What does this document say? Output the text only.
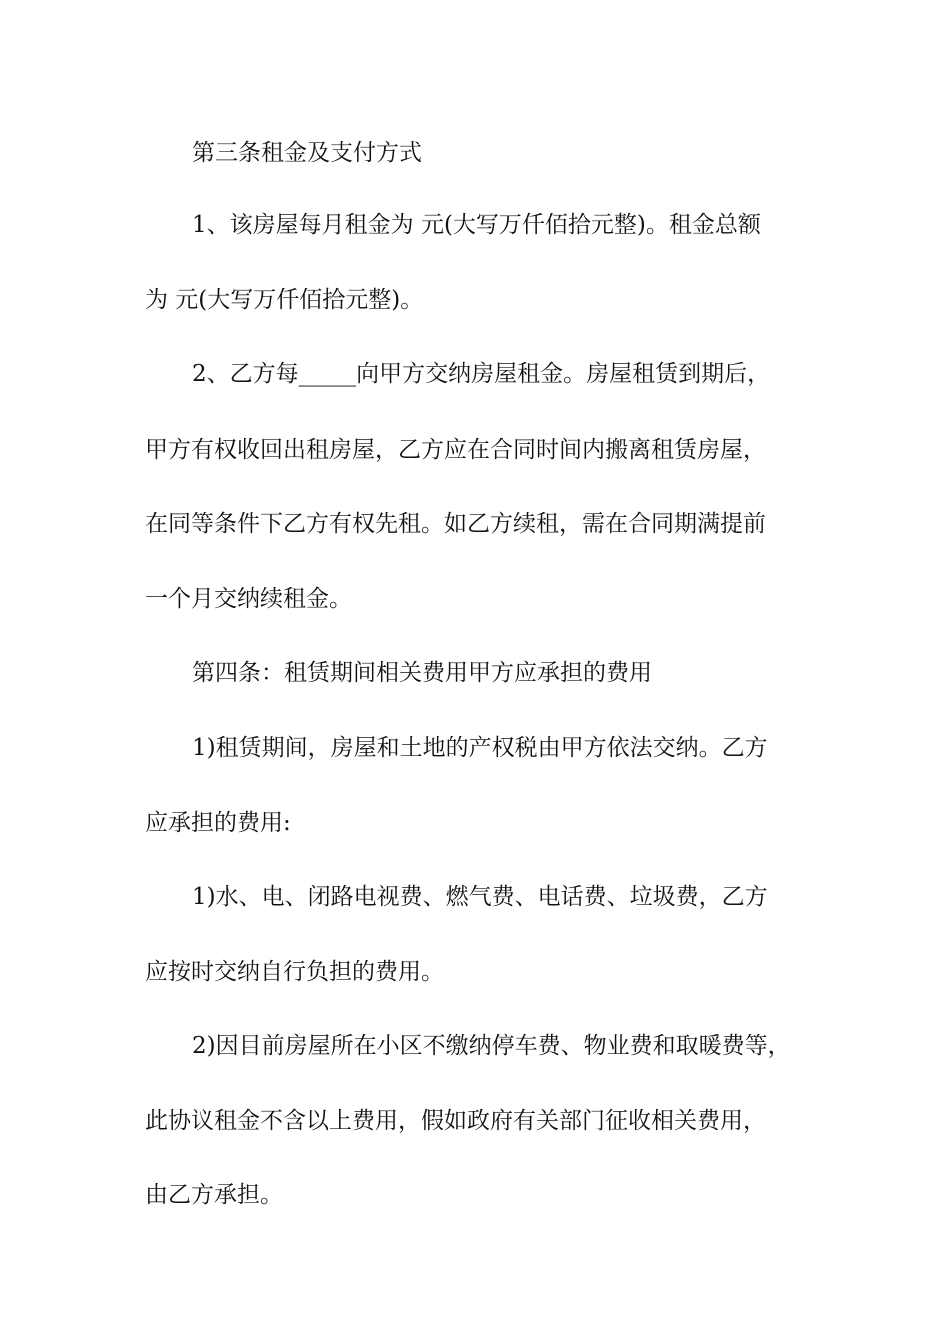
第三条租金及支付方式
1、该房屋每月租金为 元(大写万仟佰拾元整)。租金总额
为 元(大写万仟佰拾元整)。
2、乙方每_____向甲方交纳房屋租金。房屋租赁到期后，
甲方有权收回出租房屋，乙方应在合同时间内搬离租赁房屋，
在同等条件下乙方有权先租。如乙方续租，需在合同期满提前
一个月交纳续租金。
第四条：租赁期间相关费用甲方应承担的费用
1)租赁期间，房屋和土地的产权税由甲方依法交纳。乙方
应承担的费用:
1)水、电、闭路电视费、燃气费、电话费、垃圾费，乙方
应按时交纳自行负担的费用。
2)因目前房屋所在小区不缴纳停车费、物业费和取暖费等，
此协议租金不含以上费用，假如政府有关部门征收相关费用，
由乙方承担。
